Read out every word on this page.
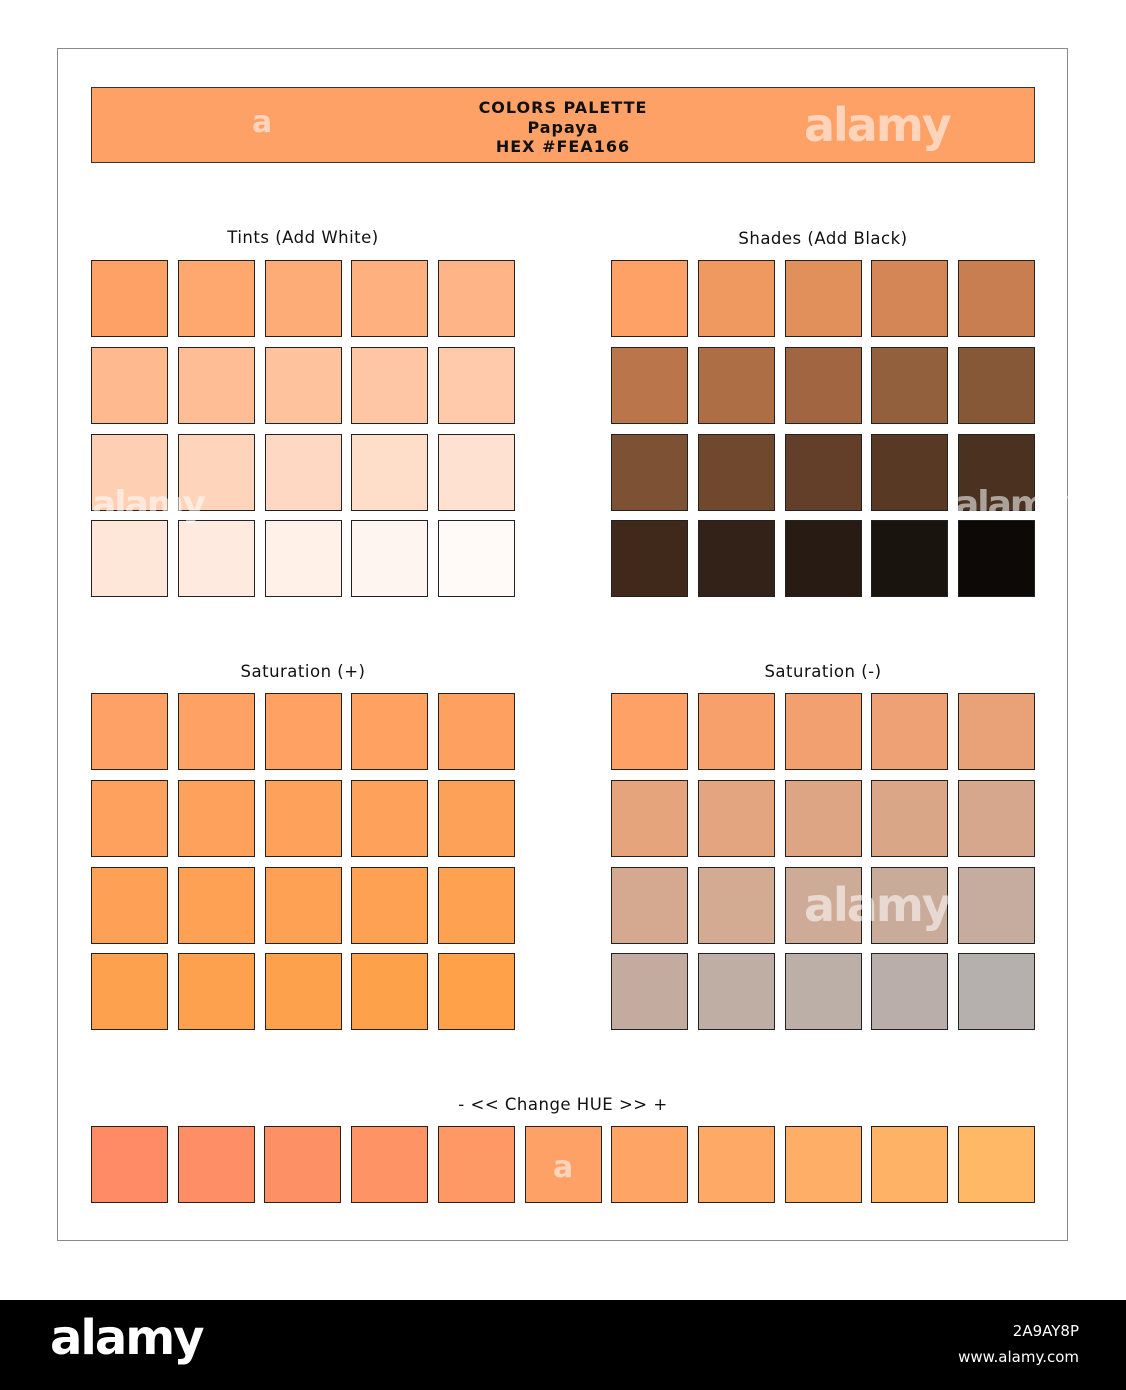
COLORS PALETTE
Papaya
HEX #FEA166
Tints (Add White)	Shades (Add Black)
Saturation (+)	Saturation (-)
- << Change HUE >> +
alamy
alamy
alamy	alamy
a
a
alamy	2A9AY8P
www.alamy.com
